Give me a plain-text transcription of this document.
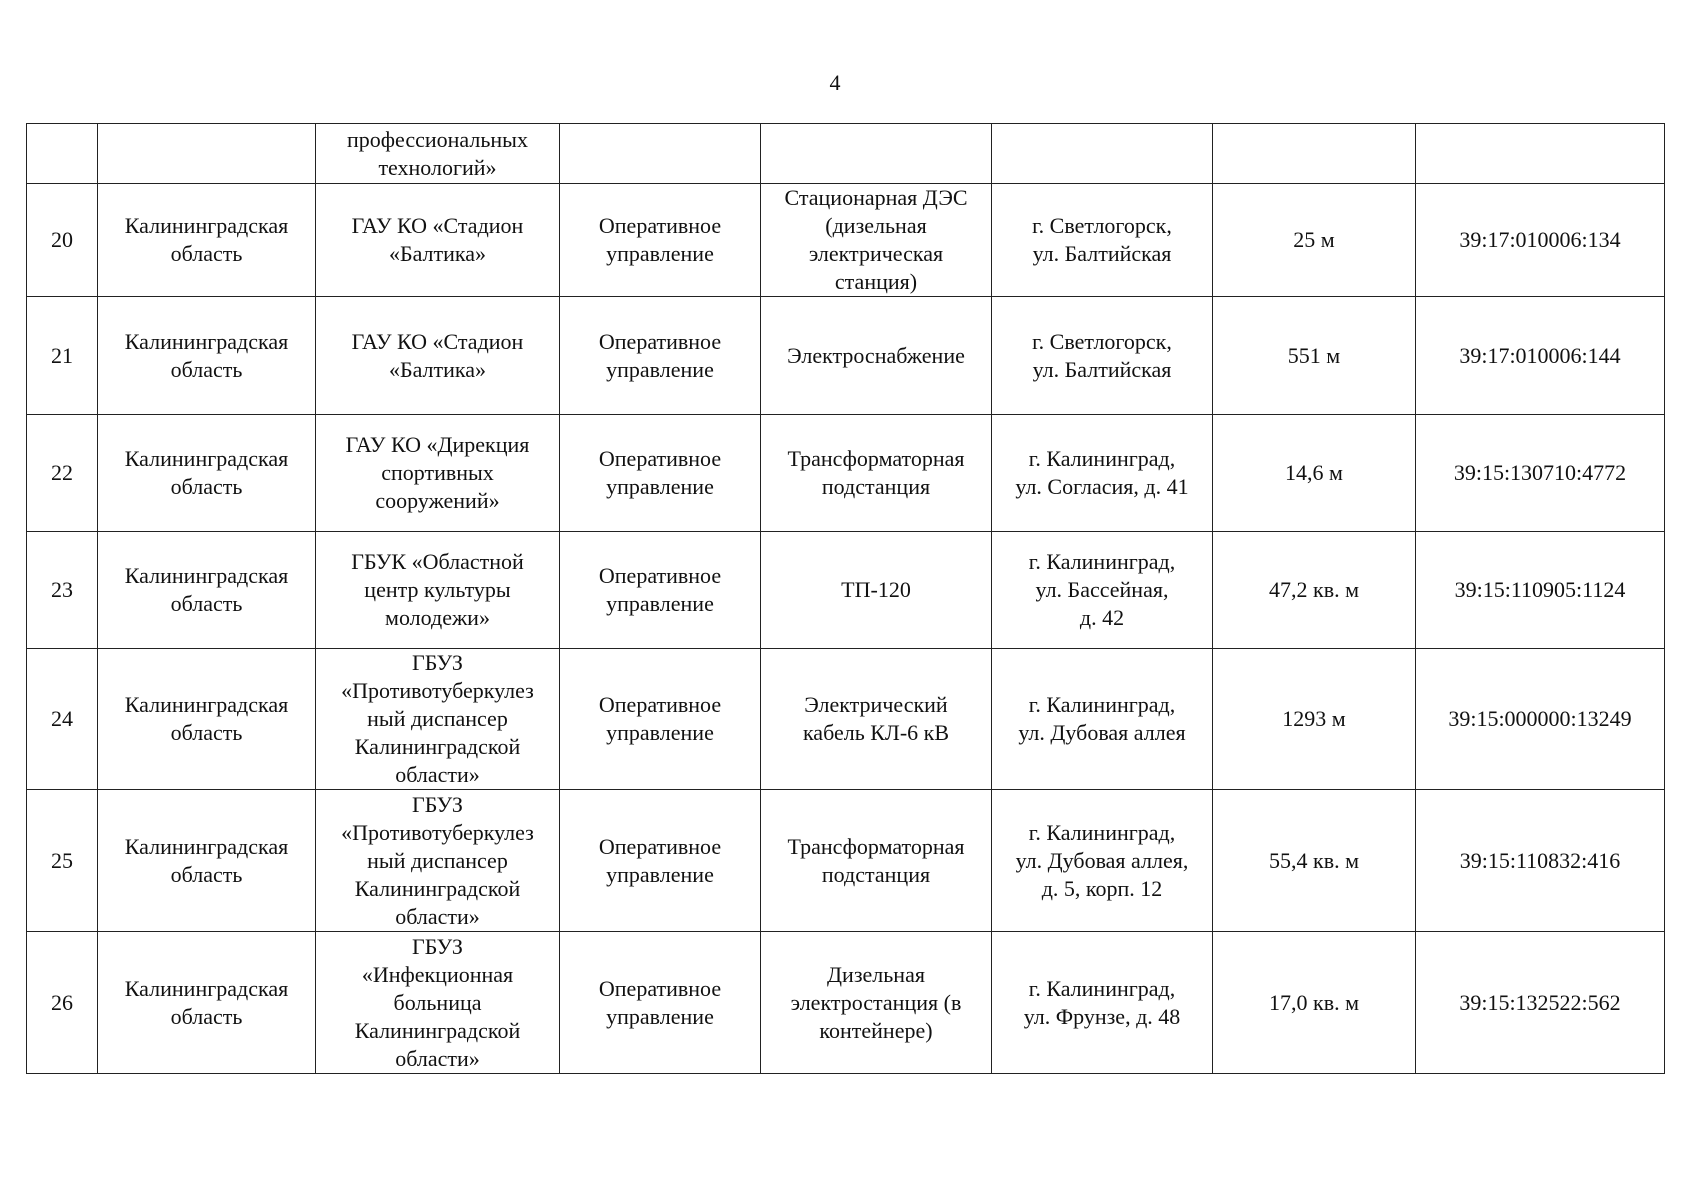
4

		профессиональных
технологий»					

20	Калининградская
область	ГАУ КО «Стадион
«Балтика»	Оперативное
управление	Стационарная ДЭС
(дизельная
электрическая
станция)	г. Светлогорск,
ул. Балтийская	25 м	39:17:010006:134

21	Калининградская
область	ГАУ КО «Стадион
«Балтика»	Оперативное
управление	Электроснабжение	г. Светлогорск,
ул. Балтийская	551 м	39:17:010006:144

22	Калининградская
область	ГАУ КО «Дирекция
спортивных
сооружений»	Оперативное
управление	Трансформаторная
подстанция	г. Калининград,
ул. Согласия, д. 41	14,6 м	39:15:130710:4772

23	Калининградская
область	ГБУК «Областной
центр культуры
молодежи»	Оперативное
управление	ТП-120	г. Калининград,
ул. Бассейная,
д. 42	47,2 кв. м	39:15:110905:1124

24	Калининградская
область	ГБУЗ
«Противотуберкулез
ный диспансер
Калининградской
области»	Оперативное
управление	Электрический
кабель КЛ-6 кВ	г. Калининград,
ул. Дубовая аллея	1293 м	39:15:000000:13249

25	Калининградская
область	ГБУЗ
«Противотуберкулез
ный диспансер
Калининградской
области»	Оперативное
управление	Трансформаторная
подстанция	г. Калининград,
ул. Дубовая аллея,
д. 5, корп. 12	55,4 кв. м	39:15:110832:416

26	Калининградская
область	ГБУЗ
«Инфекционная
больница
Калининградской
области»	Оперативное
управление	Дизельная
электростанция (в
контейнере)	г. Калининград,
ул. Фрунзе, д. 48	17,0 кв. м	39:15:132522:562
